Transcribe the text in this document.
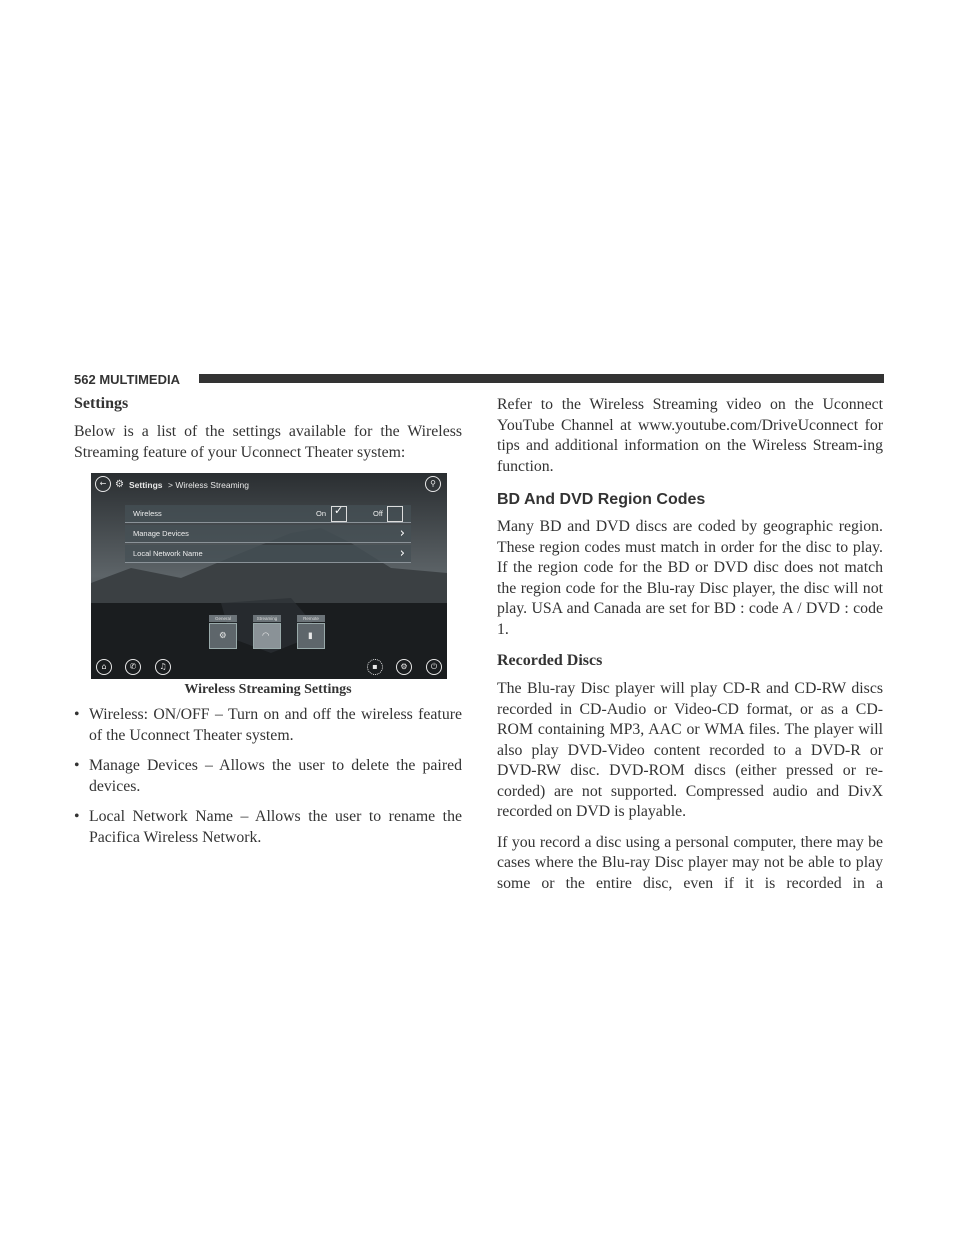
562 MULTIMEDIA
Settings

Below is a list of the settings available for the Wireless Streaming feature of your Uconnect Theater system:

← ⚙ Settings > Wireless Streaming	⚲
Wireless	On ✓	Off
Manage Devices	›
Local Network Name	›
General
⚙
Streaming
◠
Remote
▮
⌂	✆	♫	▪	⚙	⏻
Wireless Streaming Settings
• Wireless: ON/OFF – Turn on and off the wireless feature of the Uconnect Theater system.
• Manage Devices – Allows the user to delete the paired devices.
• Local Network Name – Allows the user to rename the Pacifica Wireless Network.

Refer to the Wireless Streaming video on the Uconnect YouTube Channel at www.youtube.com/DriveUconnect for tips and additional information on the Wireless Stream-ing function.

BD And DVD Region Codes

Many BD and DVD discs are coded by geographic region. These region codes must match in order for the disc to play. If the region code for the BD or DVD disc does not match the region code for the Blu-ray Disc player, the disc will not play. USA and Canada are set for BD : code A / DVD : code 1.

Recorded Discs

The Blu-ray Disc player will play CD-R and CD-RW discs recorded in CD-Audio or Video-CD format, or as a CD-ROM containing MP3, AAC or WMA files. The player will also play DVD-Video content recorded to a DVD-R or DVD-RW disc. DVD-ROM discs (either pressed or re-corded) are not supported. Compressed audio and DivX recorded on DVD is playable.

If you record a disc using a personal computer, there may be cases where the Blu-ray Disc player may not be able to play some or the entire disc, even if it is recorded in a
